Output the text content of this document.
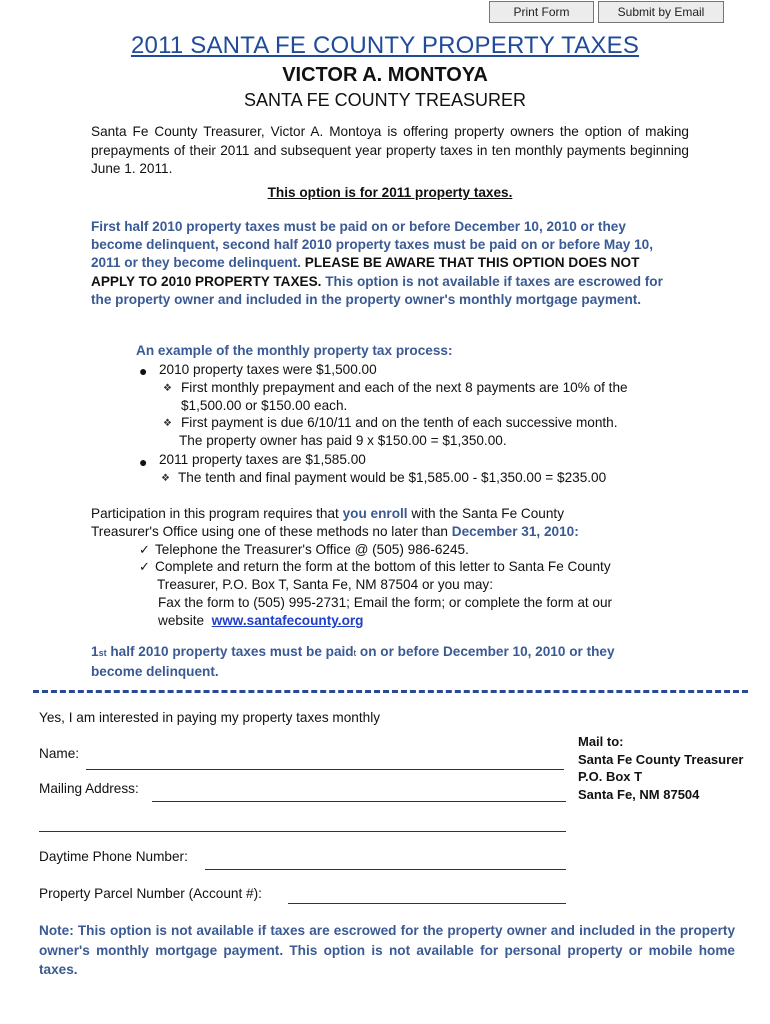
Print Form	Submit by Email
2011 SANTA FE COUNTY PROPERTY TAXES
VICTOR A. MONTOYA
SANTA FE COUNTY TREASURER

Santa Fe County Treasurer, Victor A. Montoya is offering property owners the option of making prepayments of their 2011 and subsequent year property taxes in ten monthly payments beginning June 1. 2011.

This option is for 2011 property taxes.

First half 2010 property taxes must be paid on or before December 10, 2010 or they become delinquent, second half 2010 property taxes must be paid on or before May 10, 2011 or they become delinquent. PLEASE BE AWARE THAT THIS OPTION DOES NOT APPLY TO 2010 PROPERTY TAXES. This option is not available if taxes are escrowed for the property owner and included in the property owner's monthly mortgage payment.

An example of the monthly property tax process:
● 2010 property taxes were $1,500.00
❖ First monthly prepayment and each of the next 8 payments are 10% of the
$1,500.00 or $150.00 each.
❖ First payment is due 6/10/11 and on the tenth of each successive month.
The property owner has paid 9 x $150.00 = $1,350.00.
● 2011 property taxes are $1,585.00
❖ The tenth and final payment would be $1,585.00 - $1,350.00 = $235.00
Participation in this program requires that you enroll with the Santa Fe County
Treasurer's Office using one of these methods no later than December 31, 2010:
✓ Telephone the Treasurer's Office @ (505) 986-6245.
✓ Complete and return the form at the bottom of this letter to Santa Fe County
Treasurer, P.O. Box T, Santa Fe, NM 87504 or you may:
Fax the form to (505) 995-2731; Email the form; or complete the form at our
website www.santafecounty.org
1st half 2010 property taxes must be paidt on or before December 10, 2010 or they
become delinquent.
Yes, I am interested in paying my property taxes monthly
Name:
Mailing Address:
Daytime Phone Number:
Property Parcel Number (Account #):
Mail to:
Santa Fe County Treasurer
P.O. Box T
Santa Fe, NM 87504

Note: This option is not available if taxes are escrowed for the property owner and included in the property owner's monthly mortgage payment. This option is not available for personal property or mobile home taxes.
